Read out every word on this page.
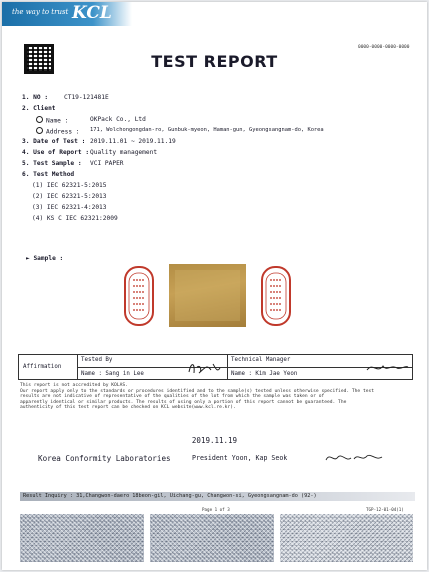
the way to trust KCL
0000-0000-0000-0000
TEST REPORT
1. NO :	CT19-121481E
2. Client
Name :	OKPack Co., Ltd
Address : 171, Wolchongongdan-ro, Gunbuk-myeon, Haman-gun, Gyeongsangnam-do, Korea
3. Date of Test : 2019.11.01 ~ 2019.11.19
4. Use of Report : Quality management
5. Test Sample : VCI PAPER
6. Test Method
(1) IEC 62321-5:2015
(2) IEC 62321-5:2013
(3) IEC 62321-4:2013
(4) KS C IEC 62321:2009
► Sample :
Affirmation
Tested By
Name : Sang in Lee
Technical Manager
Name : Kim Jae Yeon
This report is not accredited by KOLAS.
Our report apply only to the standards or procedures identified and to the sample(s) tested unless otherwise specified. The test
results are not indicative of representative of the qualities of the lot from which the sample was taken or of
apparently identical or similar products. The results of using only a portion of this report cannot be guaranteed. The
authenticity of this test report can be checked on KCL website(www.kcl.re.kr).
2019.11.19
Korea Conformity Laboratories	President Yoon, Kap Seok
Result Inquiry : 31,Changwon-daero 18beon-gil, Uichang-gu, Changwon-si, Gyeongsangnam-do (92-)
Page 1 of 3	TGP-12-01-04(1)
